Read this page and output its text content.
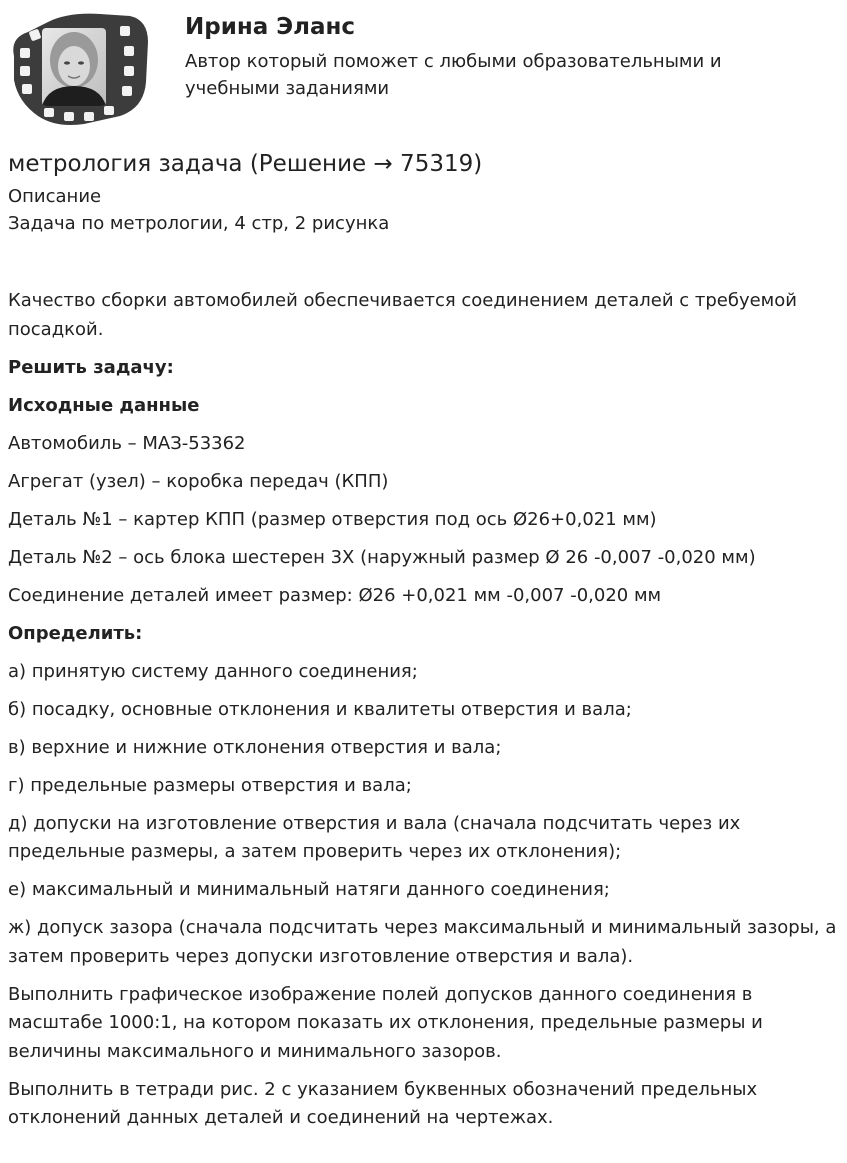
Ирина Эланс
Автор который поможет с любыми образовательными и учебными заданиями
метрология задача (Решение → 75319)
Описание
Задача по метрологии, 4 стр, 2 рисунка

Качество сборки автомобилей обеспечивается соединением деталей с требуемой посадкой.

Решить задачу:

Исходные данные

Автомобиль – МАЗ-53362

Агрегат (узел) – коробка передач (КПП)

Деталь №1 – картер КПП (размер отверстия под ось Ø26+0,021 мм)

Деталь №2 – ось блока шестерен 3Х (наружный размер Ø 26 -0,007 -0,020 мм)

Соединение деталей имеет размер: Ø26 +0,021 мм -0,007 -0,020 мм

Определить:

а) принятую систему данного соединения;

б) посадку, основные отклонения и квалитеты отверстия и вала;

в) верхние и нижние отклонения отверстия и вала;

г) предельные размеры отверстия и вала;

д) допуски на изготовление отверстия и вала (сначала подсчитать через их предельные размеры, а затем проверить через их отклонения);

е) максимальный и минимальный натяги данного соединения;

ж) допуск зазора (сначала подсчитать через максимальный и минимальный зазоры, а затем проверить через допуски изготовление отверстия и вала).

Выполнить графическое изображение полей допусков данного соединения в масштабе 1000:1, на котором показать их отклонения, предельные размеры и величины максимального и минимального зазоров.

Выполнить в тетради рис. 2 с указанием буквенных обозначений предельных отклонений данных деталей и соединений на чертежах.
